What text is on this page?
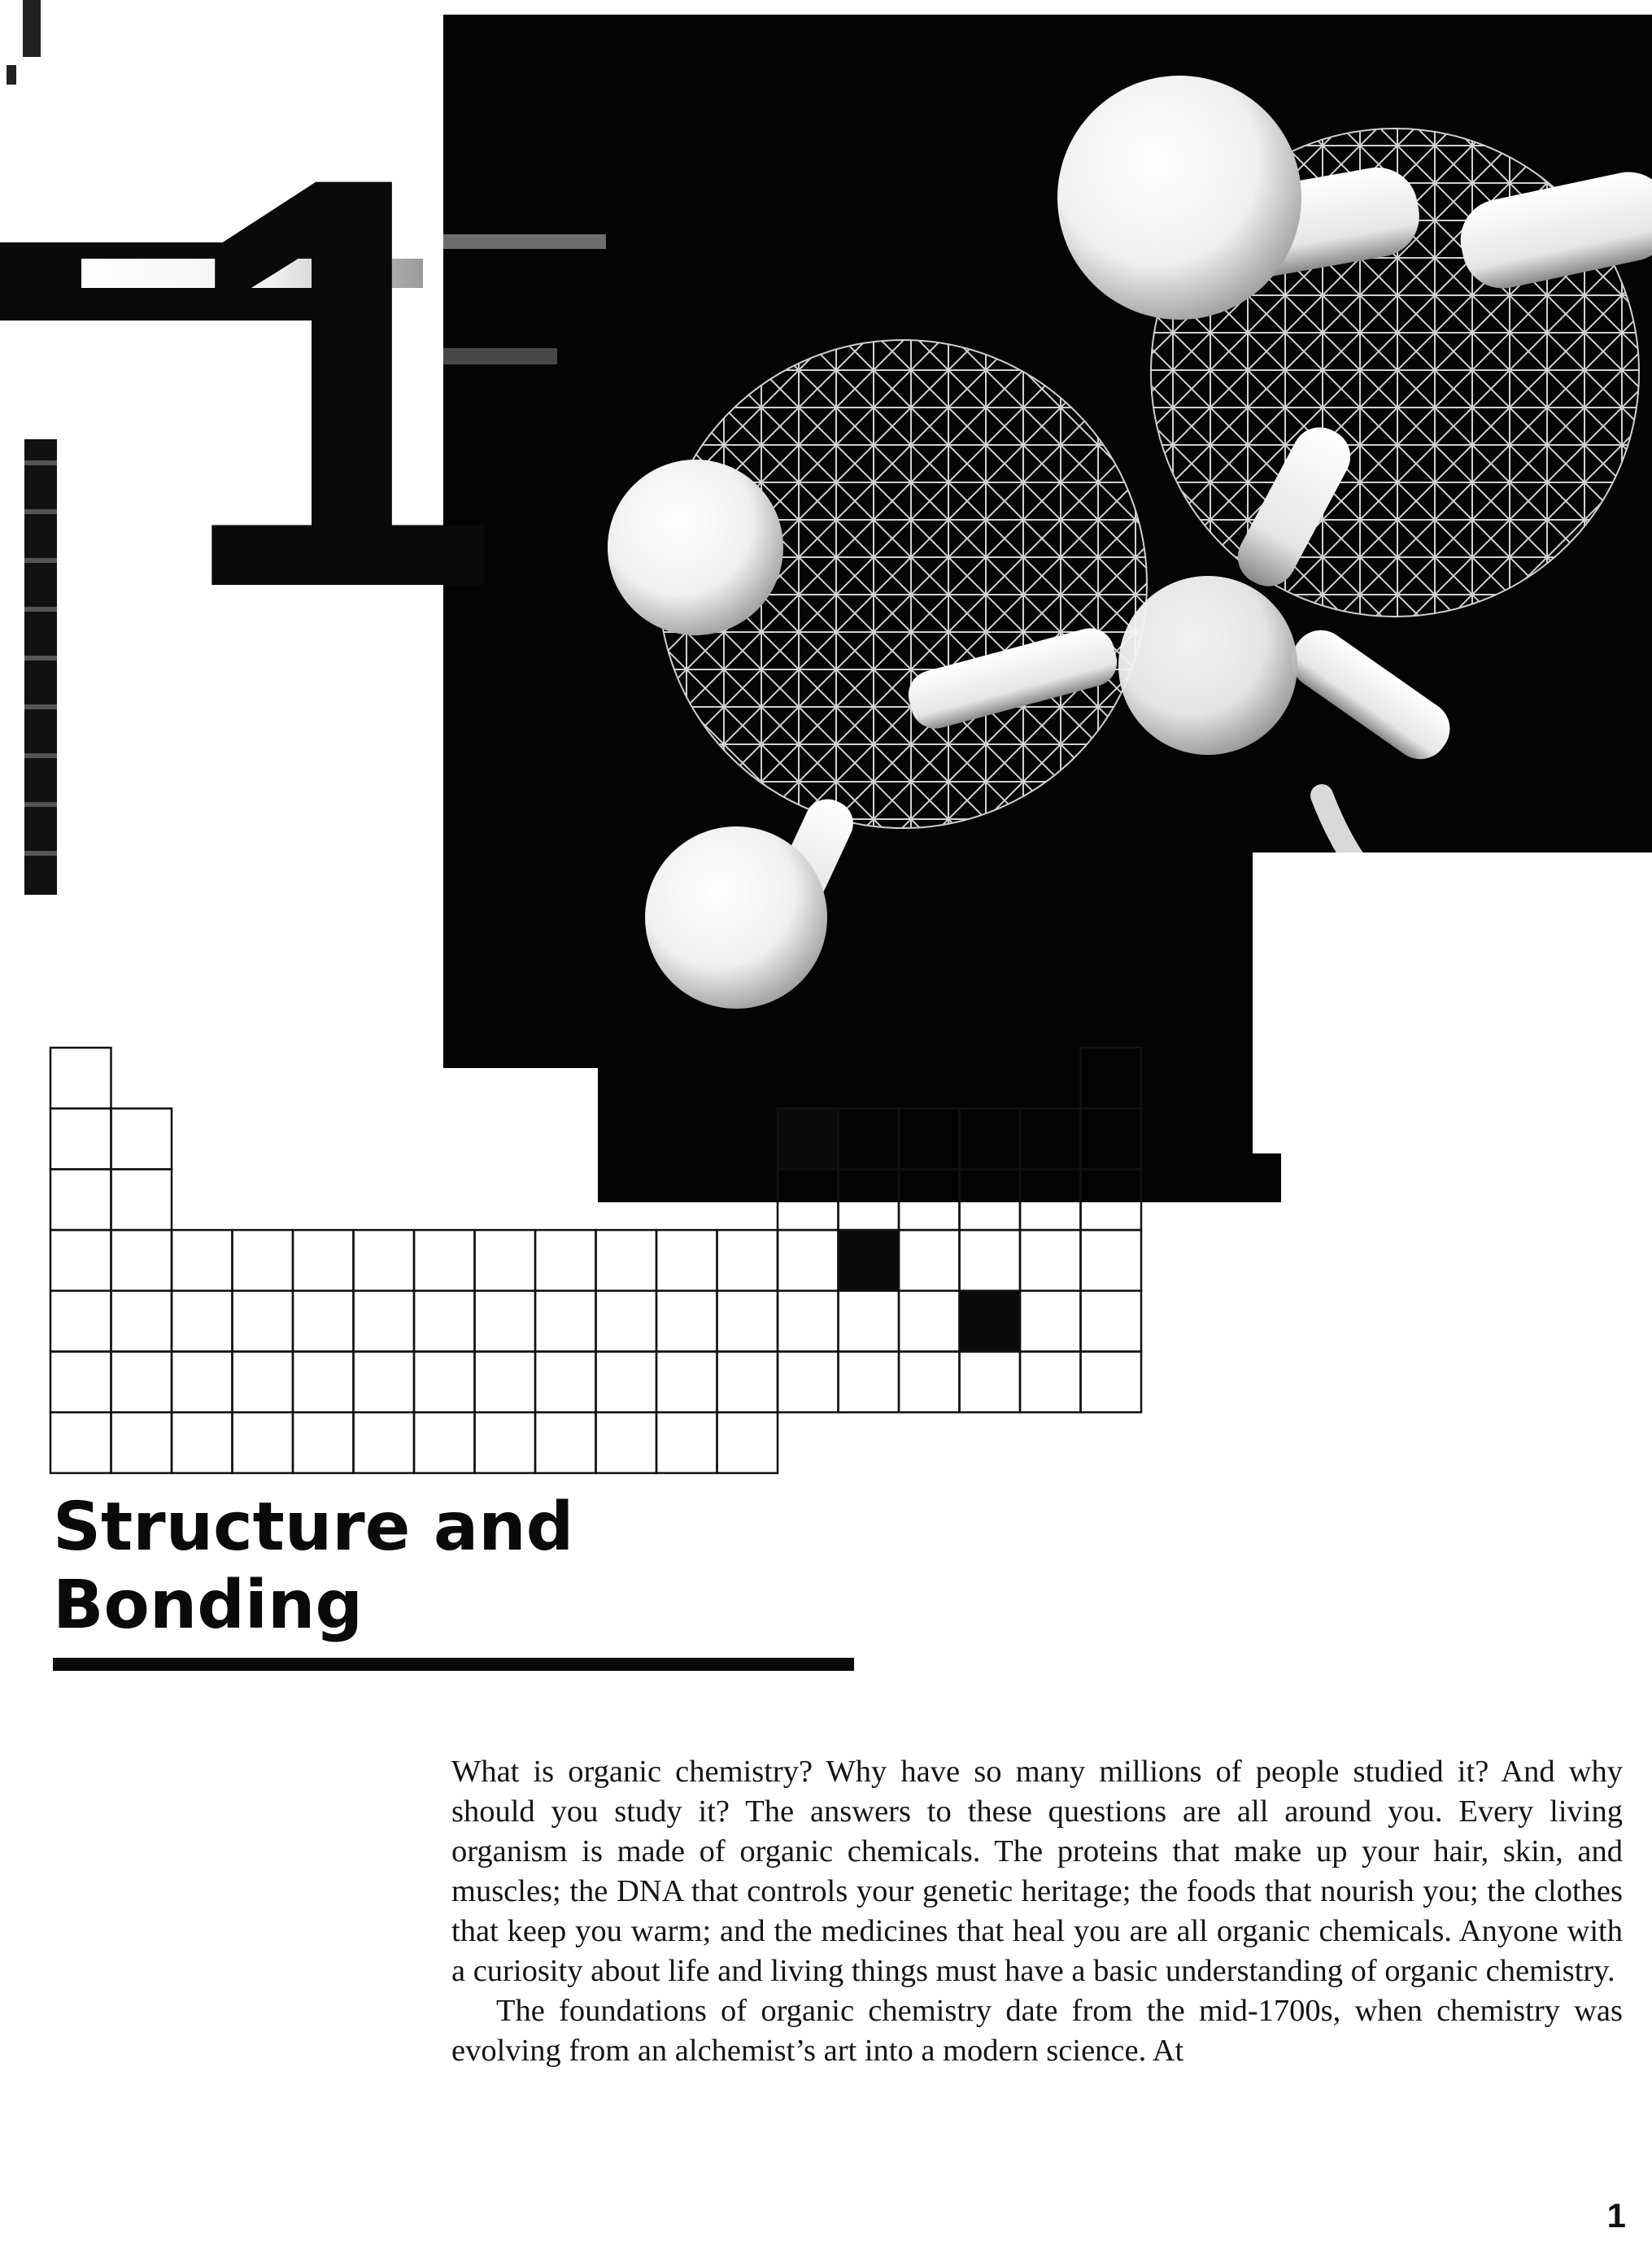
1
Structure and
Bonding

What is organic chemistry? Why have so many millions of people studied it? And why should you study it? The answers to these questions are all around you. Every living organism is made of organic chemicals. The proteins that make up your hair, skin, and muscles; the DNA that controls your genetic heritage; the foods that nourish you; the clothes that keep you warm; and the medicines that heal you are all organic chemicals. Anyone with a curiosity about life and living things must have a basic understanding of organic chemistry.

The foundations of organic chemistry date from the mid-1700s, when chemistry was evolving from an alchemist’s art into a modern science. At

1
